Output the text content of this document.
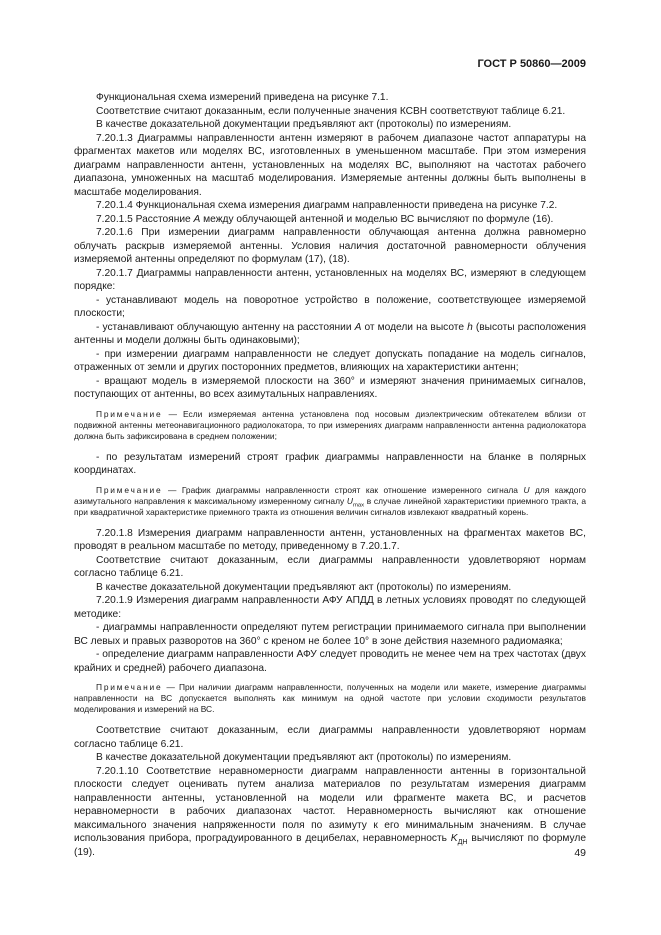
ГОСТ Р 50860—2009

Функциональная схема измерений приведена на рисунке 7.1.

Соответствие считают доказанным, если полученные значения КСВН соответствуют таблице 6.21.

В качестве доказательной документации предъявляют акт (протоколы) по измерениям.

7.20.1.3 Диаграммы направленности антенн измеряют в рабочем диапазоне частот аппаратуры на фрагментах макетов или моделях ВС, изготовленных в уменьшенном масштабе. При этом измерения диаграмм направленности антенн, установленных на моделях ВС, выполняют на частотах рабочего диапазона, умноженных на масштаб моделирования. Измеряемые антенны должны быть выполнены в масштабе моделирования.

7.20.1.4 Функциональная схема измерения диаграмм направленности приведена на рисунке 7.2.

7.20.1.5 Расстояние A между облучающей антенной и моделью ВС вычисляют по формуле (16).

7.20.1.6 При измерении диаграмм направленности облучающая антенна должна равномерно облучать раскрыв измеряемой антенны. Условия наличия достаточной равномерности облучения измеряемой антенны определяют по формулам (17), (18).

7.20.1.7 Диаграммы направленности антенн, установленных на моделях ВС, измеряют в следующем порядке:

- устанавливают модель на поворотное устройство в положение, соответствующее измеряемой плоскости;

- устанавливают облучающую антенну на расстоянии A от модели на высоте h (высоты расположения антенны и модели должны быть одинаковыми);

- при измерении диаграмм направленности не следует допускать попадание на модель сигналов, отраженных от земли и других посторонних предметов, влияющих на характеристики антенн;

- вращают модель в измеряемой плоскости на 360° и измеряют значения принимаемых сигналов, поступающих от антенны, во всех азимутальных направлениях.

Примечание — Если измеряемая антенна установлена под носовым диэлектрическим обтекателем вблизи от подвижной антенны метеонавигационного радиолокатора, то при измерениях диаграмм направленности антенна радиолокатора должна быть зафиксирована в среднем положении;

- по результатам измерений строят график диаграммы направленности на бланке в полярных координатах.

Примечание — График диаграммы направленности строят как отношение измеренного сигнала U для каждого азимутального направления к максимальному измеренному сигналу $U_{max}$ в случае линейной характеристики приемного тракта, а при квадратичной характеристике приемного тракта из отношения величин сигналов извлекают квадратный корень.

7.20.1.8 Измерения диаграмм направленности антенн, установленных на фрагментах макетов ВС, проводят в реальном масштабе по методу, приведенному в 7.20.1.7.

Соответствие считают доказанным, если диаграммы направленности удовлетворяют нормам согласно таблице 6.21.

В качестве доказательной документации предъявляют акт (протоколы) по измерениям.

7.20.1.9 Измерения диаграмм направленности АФУ АПДД в летных условиях проводят по следующей методике:

- диаграммы направленности определяют путем регистрации принимаемого сигнала при выполнении ВС левых и правых разворотов на 360° с креном не более 10° в зоне действия наземного радиомаяка;

- определение диаграмм направленности АФУ следует проводить не менее чем на трех частотах (двух крайних и средней) рабочего диапазона.

Примечание — При наличии диаграмм направленности, полученных на модели или макете, измерение диаграммы направленности на ВС допускается выполнять как минимум на одной частоте при условии сходимости результатов моделирования и измерений на ВС.

Соответствие считают доказанным, если диаграммы направленности удовлетворяют нормам согласно таблице 6.21.

В качестве доказательной документации предъявляют акт (протоколы) по измерениям.

7.20.1.10 Соответствие неравномерности диаграмм направленности антенны в горизонтальной плоскости следует оценивать путем анализа материалов по результатам измерения диаграмм направленности антенны, установленной на модели или фрагменте макета ВС, и расчетов неравномерности в рабочих диапазонах частот. Неравномерность вычисляют как отношение максимального значения напряженности поля по азимуту к его минимальным значениям. В случае использования прибора, проградуированного в децибелах, неравномерность $K_{ДН}$ вычисляют по формуле (19).	49
